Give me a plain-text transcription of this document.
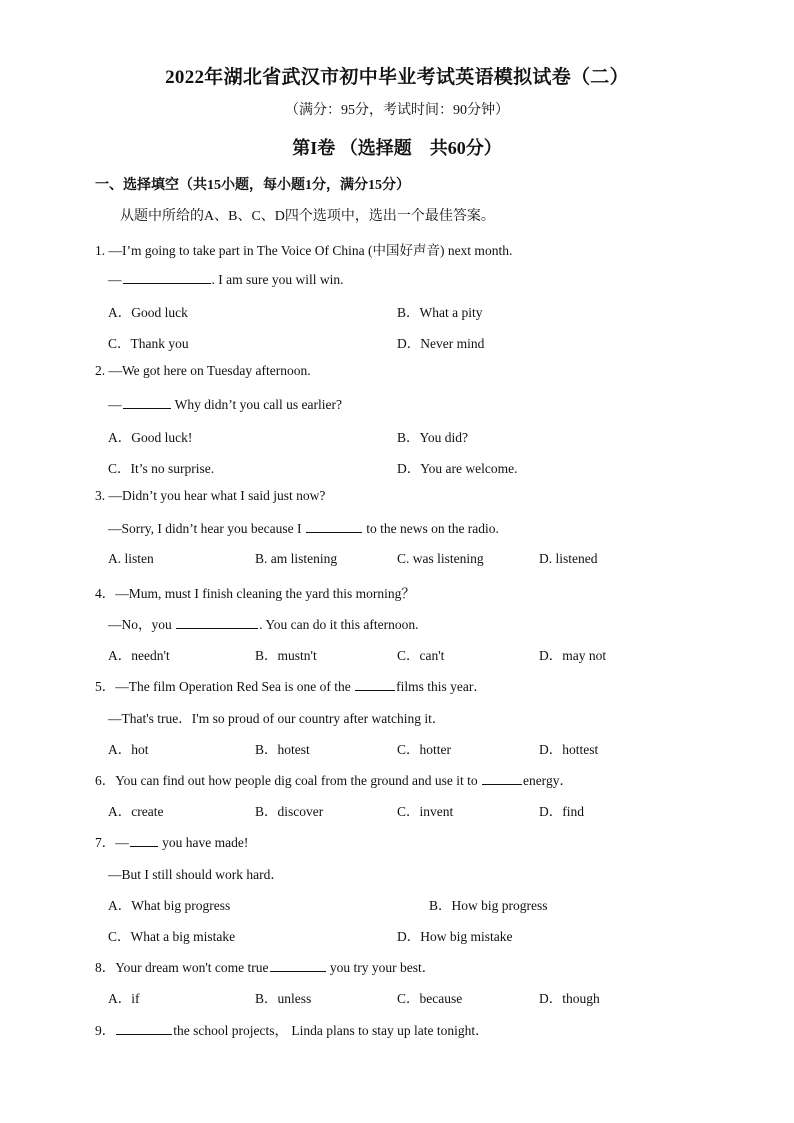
2022年湖北省武汉市初中毕业考试英语模拟试卷（二）
（满分：95分，考试时间：90分钟）
第I卷 （选择题　共60分）
一、选择填空（共15小题，每小题1分，满分15分）
从题中所给的A、B、C、D四个选项中，选出一个最佳答案。
1. —I’m going to take part in The Voice Of China (中国好声音) next month.
—	. I am sure you will win.
A．Good luck	B．What a pity
C．Thank you	D．Never mind
2. —We got here on Tuesday afternoon.
—	Why didn’t you call us earlier?
A．Good luck!	B．You did?
C．It’s no surprise.	D．You are welcome.
3. —Didn’t you hear what I said just now?
—Sorry, I didn’t hear you because I	to the news on the radio.
A. listen	B. am listening	C. was listening	D. listened
4．—Mum, must I finish cleaning the yard this morning？
—No，you	. You can do it this afternoon.
A．needn't	B．mustn't	C．can't	D．may not
5．—The film Operation Red Sea is one of the	films this year．
—That's true．I'm so proud of our country after watching it．
A．hot	B．hotest	C．hotter	D．hottest
6．You can find out how people dig coal from the ground and use it to	energy．
A．create	B．discover	C．invent	D．find
7．— you have made!
—But I still should work hard．
A．What big progress	B．How big progress
C．What a big mistake	D．How big mistake
8．Your dream won't come true	you try your best．
A．if	B．unless	C．because	D．though
9．	the school projects， Linda plans to stay up late tonight．
